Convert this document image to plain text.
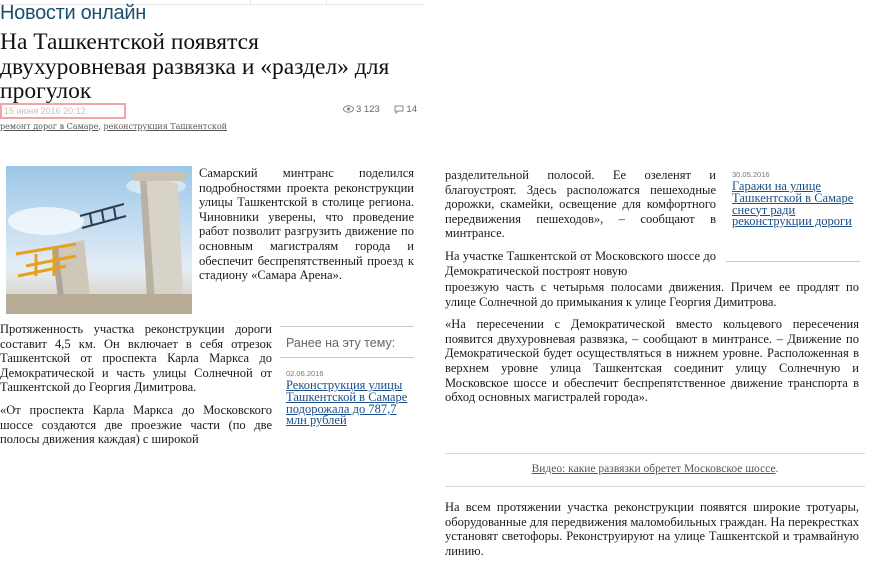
Новости онлайн
На Ташкентской появятся двухуровневая развязка и «раздел» для прогулок
15 июня 2016 20:12	3 123	14
ремонт дорог в Самаре, реконструкция Ташкентской

Самарский минтранс поделился подробностями проекта реконструкции улицы Ташкентской в столице региона. Чиновники уверены, что проведение работ позволит разгрузить движение по основным магистралям города и обеспечит беспрепятственный проезд к стадиону «Самара Арена».

Протяженность участка реконструкции дороги составит 4,5 км. Он включает в себя отрезок Ташкентской от проспекта Карла Маркса до Демократической и часть улицы Солнечной от Ташкентской до Георгия Димитрова.

«От проспекта Карла Маркса до Московского шоссе создаются две проезжие части (по две полосы движения каждая) с широкой

Ранее на эту тему:
02.06.2016
Реконструкция улицы Ташкентской в Самаре подорожала до 787,7 млн рублей

разделительной полосой. Ее озеленят и благоустроят. Здесь расположатся пешеходные дорожки, скамейки, освещение для комфортного передвижения пешеходов», – сообщают в минтрансе.

На участке Ташкентской от Московского шоссе до Демократической построят новую

проезжую часть с четырьмя полосами движения. Причем ее продлят по улице Солнечной до примыкания к улице Георгия Димитрова.

«На пересечении с Демократической вместо кольцевого пересечения появится двухуровневая развязка, – сообщают в минтрансе. – Движение по Демократической будет осуществляться в нижнем уровне. Расположенная в верхнем уровне улица Ташкентская соединит улицу Солнечную и Московское шоссе и обеспечит беспрепятственное движение транспорта в обход основных магистралей города».

30.05.2016
Гаражи на улице Ташкентской в Самаре снесут ради реконструкции дороги
Видео: какие развязки обретет Московское шоссе.

На всем протяжении участка реконструкции появятся широкие тротуары, оборудованные для передвижения маломобильных граждан. На перекрестках установят светофоры. Реконструируют на улице Ташкентской и трамвайную линию.
